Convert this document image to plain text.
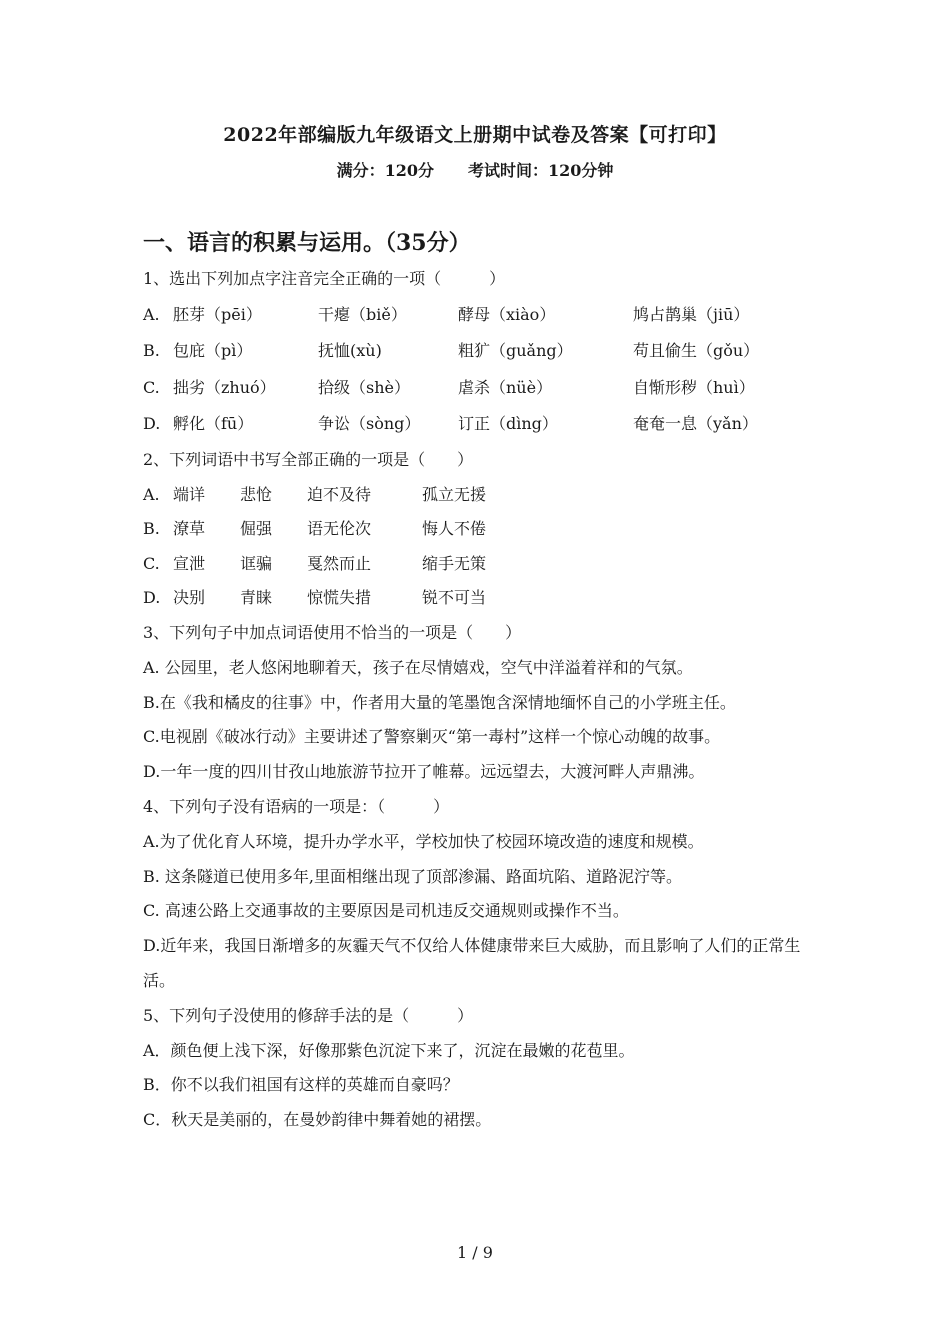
2022年部编版九年级语文上册期中试卷及答案【可打印】
满分：120分 考试时间：120分钟
一、语言的积累与运用。（35分）
1、选出下列加点字注音完全正确的一项（　　　）
A. 胚芽（pēi）	干瘪（biě）	酵母（xiào）	鸠占鹊巢（jiū）
B. 包庇（pì）	抚恤(xù)	粗犷（guǎng）	苟且偷生（gǒu）
C. 拙劣（zhuó）	拾级（shè）	虐杀（nüè）	自惭形秽（huì）
D. 孵化（fū）	争讼（sòng）	订正（dìng）	奄奄一息（yǎn）
2、下列词语中书写全部正确的一项是（　　）
A. 端详	悲怆	迫不及待	孤立无援
B. 潦草	倔强	语无伦次	悔人不倦
C. 宣泄	诓骗	戛然而止	缩手无策
D. 决别	青睐	惊慌失措	锐不可当
3、下列句子中加点词语使用不恰当的一项是（　　）
A. 公园里，老人悠闲地聊着天，孩子在尽情嬉戏，空气中洋溢着祥和的气氛。
B.在《我和橘皮的往事》中，作者用大量的笔墨饱含深情地缅怀自己的小学班主任。
C.电视剧《破冰行动》主要讲述了警察剿灭“第一毒村”这样一个惊心动魄的故事。
D.一年一度的四川甘孜山地旅游节拉开了帷幕。远远望去，大渡河畔人声鼎沸。
4、下列句子没有语病的一项是：（　　　）
A.为了优化育人环境，提升办学水平，学校加快了校园环境改造的速度和规模。
B. 这条隧道已使用多年,里面相继出现了顶部渗漏、路面坑陷、道路泥泞等。
C. 高速公路上交通事故的主要原因是司机违反交通规则或操作不当。
D.近年来，我国日渐增多的灰霾天气不仅给人体健康带来巨大威胁，而且影响了人们的正常生活。
5、下列句子没使用的修辞手法的是（　　　）
A．颜色便上浅下深，好像那紫色沉淀下来了，沉淀在最嫩的花苞里。
B．你不以我们祖国有这样的英雄而自豪吗？
C．秋天是美丽的，在曼妙韵律中舞着她的裙摆。
1 / 9
